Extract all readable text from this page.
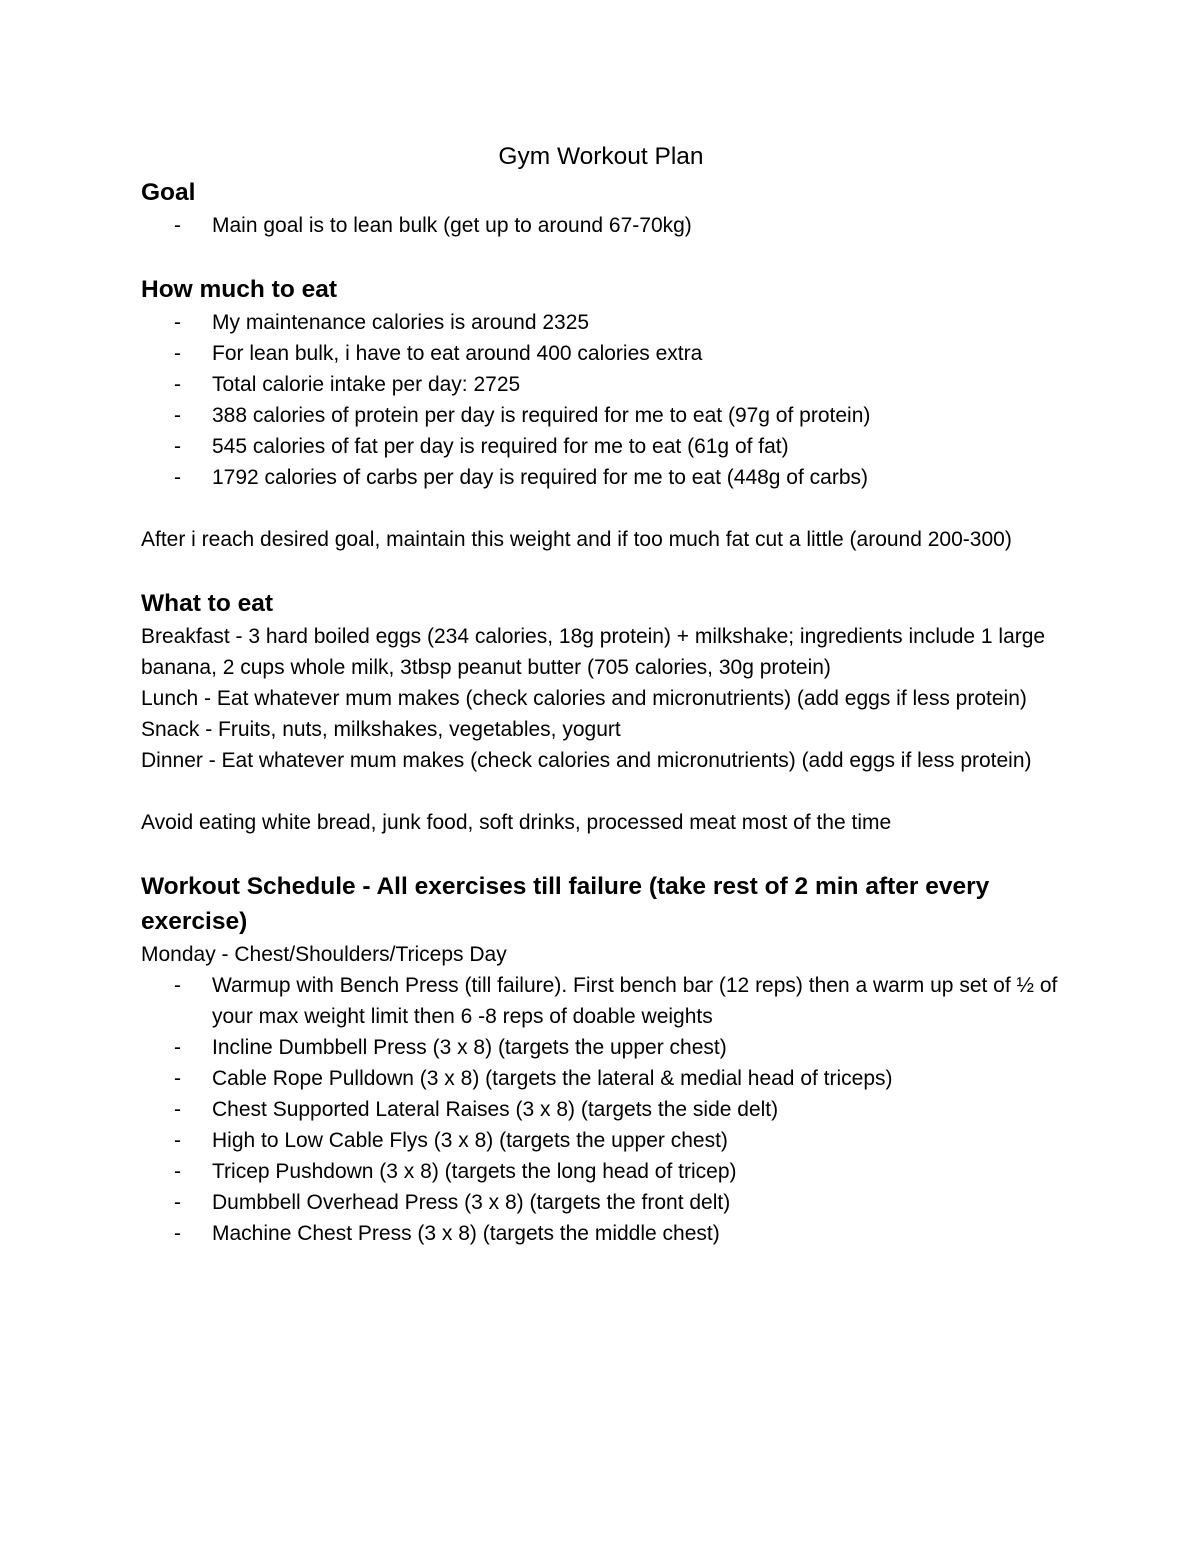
Gym Workout Plan
Goal
- Main goal is to lean bulk (get up to around 67-70kg)
How much to eat
- My maintenance calories is around 2325
- For lean bulk, i have to eat around 400 calories extra
- Total calorie intake per day: 2725
- 388 calories of protein per day is required for me to eat (97g of protein)
- 545 calories of fat per day is required for me to eat (61g of fat)
- 1792 calories of carbs per day is required for me to eat (448g of carbs)

After i reach desired goal, maintain this weight and if too much fat cut a little (around 200-300)

What to eat

Breakfast - 3 hard boiled eggs (234 calories, 18g protein) + milkshake; ingredients include 1 large banana, 2 cups whole milk, 3tbsp peanut butter (705 calories, 30g protein)

Lunch - Eat whatever mum makes (check calories and micronutrients) (add eggs if less protein)

Snack - Fruits, nuts, milkshakes, vegetables, yogurt

Dinner - Eat whatever mum makes (check calories and micronutrients) (add eggs if less protein)

Avoid eating white bread, junk food, soft drinks, processed meat most of the time

Workout Schedule - All exercises till failure (take rest of 2 min after every exercise)

Monday - Chest/Shoulders/Triceps Day

- Warmup with Bench Press (till failure). First bench bar (12 reps) then a warm up set of ½ of your max weight limit then 6 -8 reps of doable weights
- Incline Dumbbell Press (3 x 8) (targets the upper chest)
- Cable Rope Pulldown (3 x 8) (targets the lateral & medial head of triceps)
- Chest Supported Lateral Raises (3 x 8) (targets the side delt)
- High to Low Cable Flys (3 x 8) (targets the upper chest)
- Tricep Pushdown (3 x 8) (targets the long head of tricep)
- Dumbbell Overhead Press (3 x 8) (targets the front delt)
- Machine Chest Press (3 x 8) (targets the middle chest)
